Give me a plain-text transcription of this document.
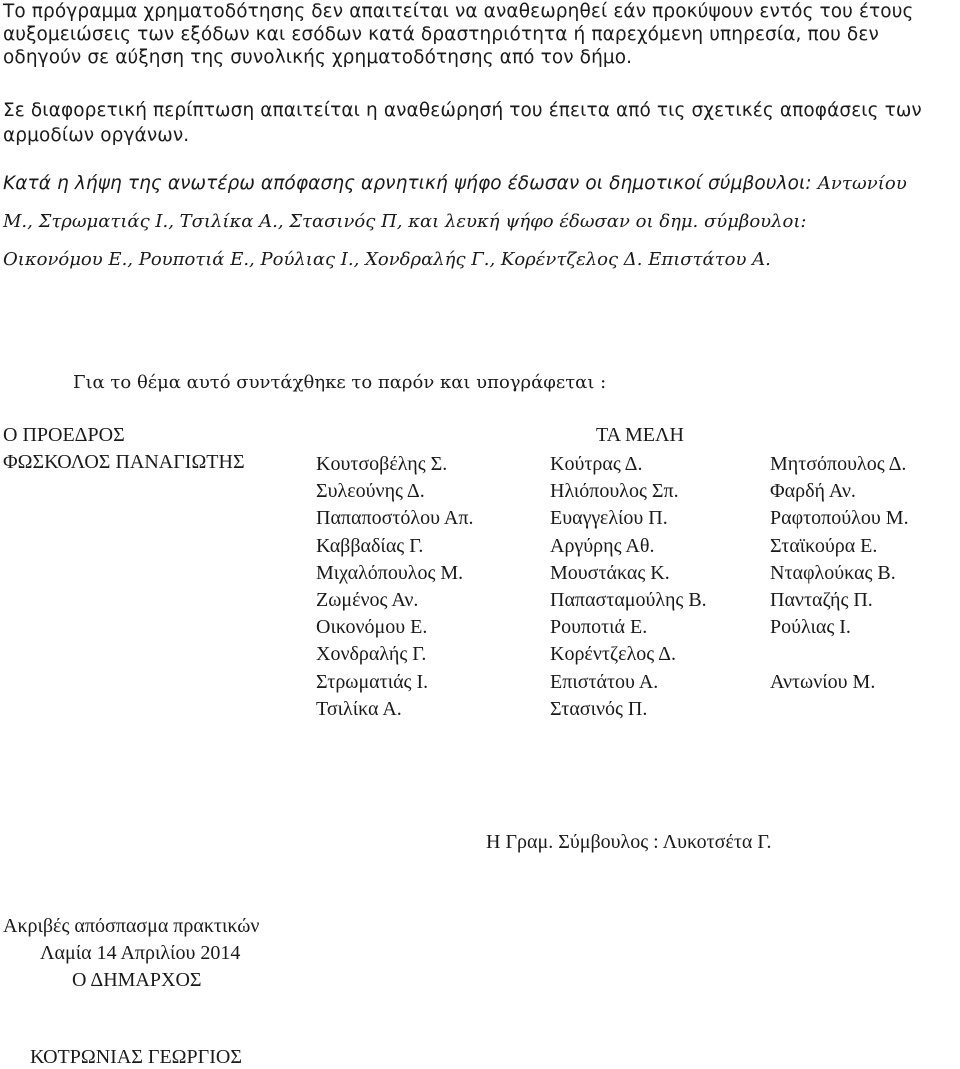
Το πρόγραμμα χρηματοδότησης δεν απαιτείται να αναθεωρηθεί εάν προκύψουν εντός του έτους
αυξομειώσεις των εξόδων και εσόδων κατά δραστηριότητα ή παρεχόμενη υπηρεσία, που δεν
οδηγούν σε αύξηση της συνολικής χρηματοδότησης από τον δήμο.
Σε διαφορετική περίπτωση απαιτείται η αναθεώρησή του έπειτα από τις σχετικές αποφάσεις των
αρμοδίων οργάνων.
Κατά η λήψη της ανωτέρω απόφασης αρνητική ψήφο έδωσαν οι δημοτικοί σύμβουλοι: Αντωνίου
Μ., Στρωματιάς Ι., Τσιλίκα Α., Στασινός Π, και λευκή ψήφο έδωσαν οι δημ. σύμβουλοι:
Οικονόμου Ε., Ρουποτιά Ε., Ρούλιας Ι., Χονδραλής Γ., Κορέντζελος Δ. Επιστάτου Α.
Για το θέμα αυτό συντάχθηκε το παρόν και υπογράφεται :
Ο ΠΡΟΕΔΡΟΣ
ΦΩΣΚΟΛΟΣ ΠΑΝΑΓΙΩΤΗΣ
ΤΑ ΜΕΛΗ
Κουτσοβέλης Σ.
Συλεούνης Δ.
Παπαποστόλου Απ.
Καββαδίας Γ.
Μιχαλόπουλος Μ.
Ζωμένος Αν.
Οικονόμου Ε.
Χονδραλής Γ.
Στρωματιάς Ι.
Τσιλίκα Α.
Κούτρας Δ.
Ηλιόπουλος Σπ.
Ευαγγελίου Π.
Αργύρης Αθ.
Μουστάκας Κ.
Παπασταμούλης Β.
Ρουποτιά Ε.
Κορέντζελος Δ.
Επιστάτου Α.
Στασινός Π.
Μητσόπουλος Δ.
Φαρδή Αν.
Ραφτοπούλου Μ.
Σταϊκούρα Ε.
Νταφλούκας Β.
Πανταζής Π.
Ρούλιας Ι.
Αντωνίου Μ.
Η Γραμ. Σύμβουλος : Λυκοτσέτα Γ.
Ακριβές απόσπασμα πρακτικών
Λαμία 14 Απριλίου 2014
Ο ΔΗΜΑΡΧΟΣ
ΚΟΤΡΩΝΙΑΣ ΓΕΩΡΓΙΟΣ
